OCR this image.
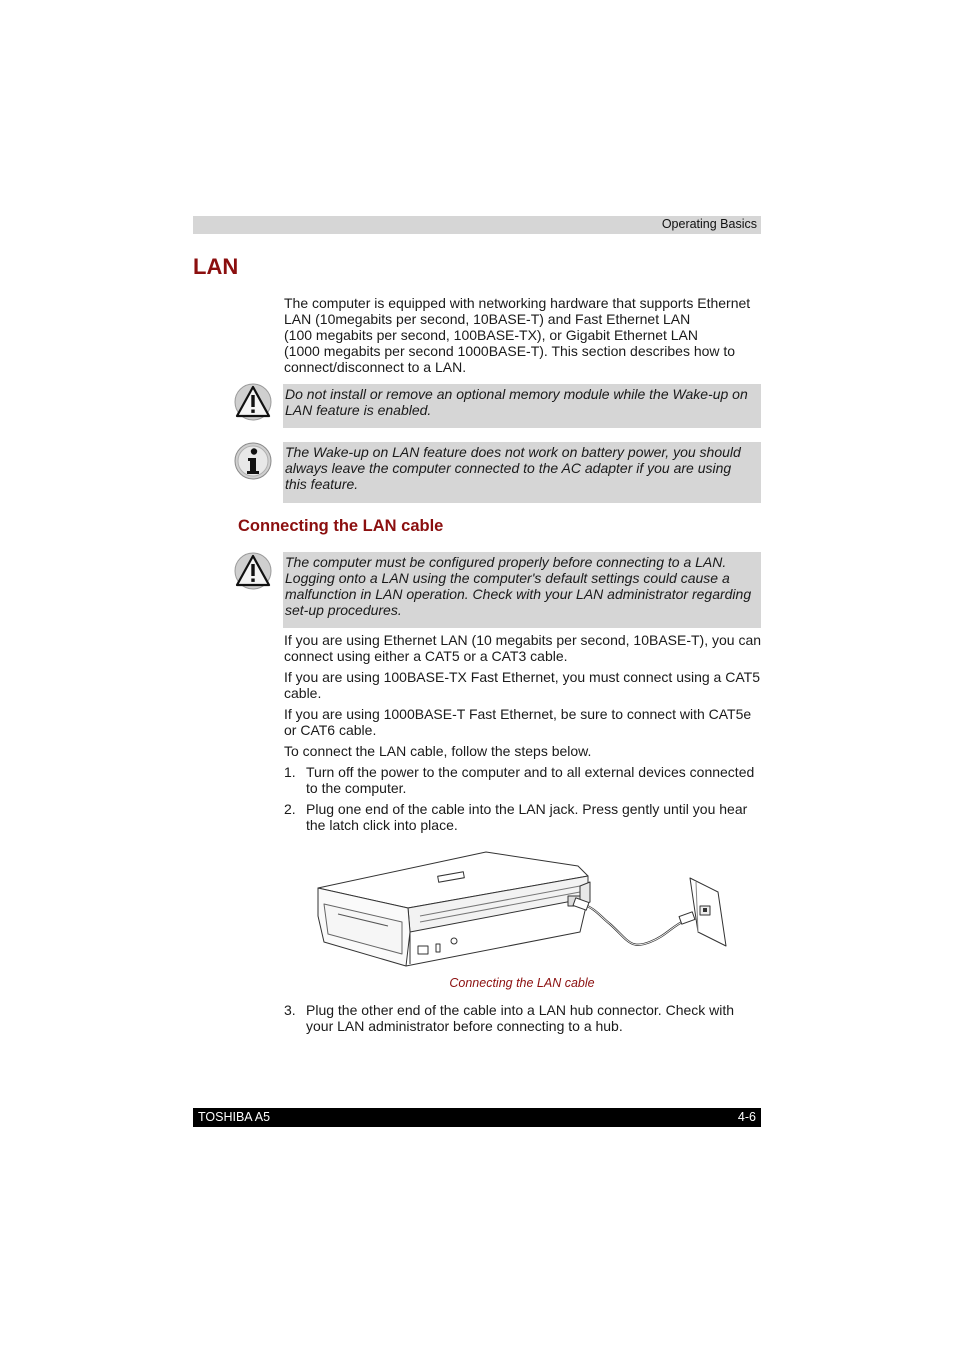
Operating Basics
LAN
The computer is equipped with networking hardware that supports Ethernet
LAN (10megabits per second, 10BASE-T) and Fast Ethernet LAN
(100 megabits per second, 100BASE-TX), or Gigabit Ethernet LAN
(1000 megabits per second 1000BASE-T). This section describes how to
connect/disconnect to a LAN.
Do not install or remove an optional memory module while the Wake-up on
LAN feature is enabled.
The Wake-up on LAN feature does not work on battery power, you should
always leave the computer connected to the AC adapter if you are using
this feature.
Connecting the LAN cable
The computer must be configured properly before connecting to a LAN.
Logging onto a LAN using the computer's default settings could cause a
malfunction in LAN operation. Check with your LAN administrator regarding
set-up procedures.
If you are using Ethernet LAN (10 megabits per second, 10BASE-T), you can
connect using either a CAT5 or a CAT3 cable.
If you are using 100BASE-TX Fast Ethernet, you must connect using a CAT5
cable.
If you are using 1000BASE-T Fast Ethernet, be sure to connect with CAT5e
or CAT6 cable.
To connect the LAN cable, follow the steps below.
1. Turn off the power to the computer and to all external devices connected
to the computer.
2. Plug one end of the cable into the LAN jack. Press gently until you hear
the latch click into place.
Connecting the LAN cable
3. Plug the other end of the cable into a LAN hub connector. Check with
your LAN administrator before connecting to a hub.
TOSHIBA A5	4-6
